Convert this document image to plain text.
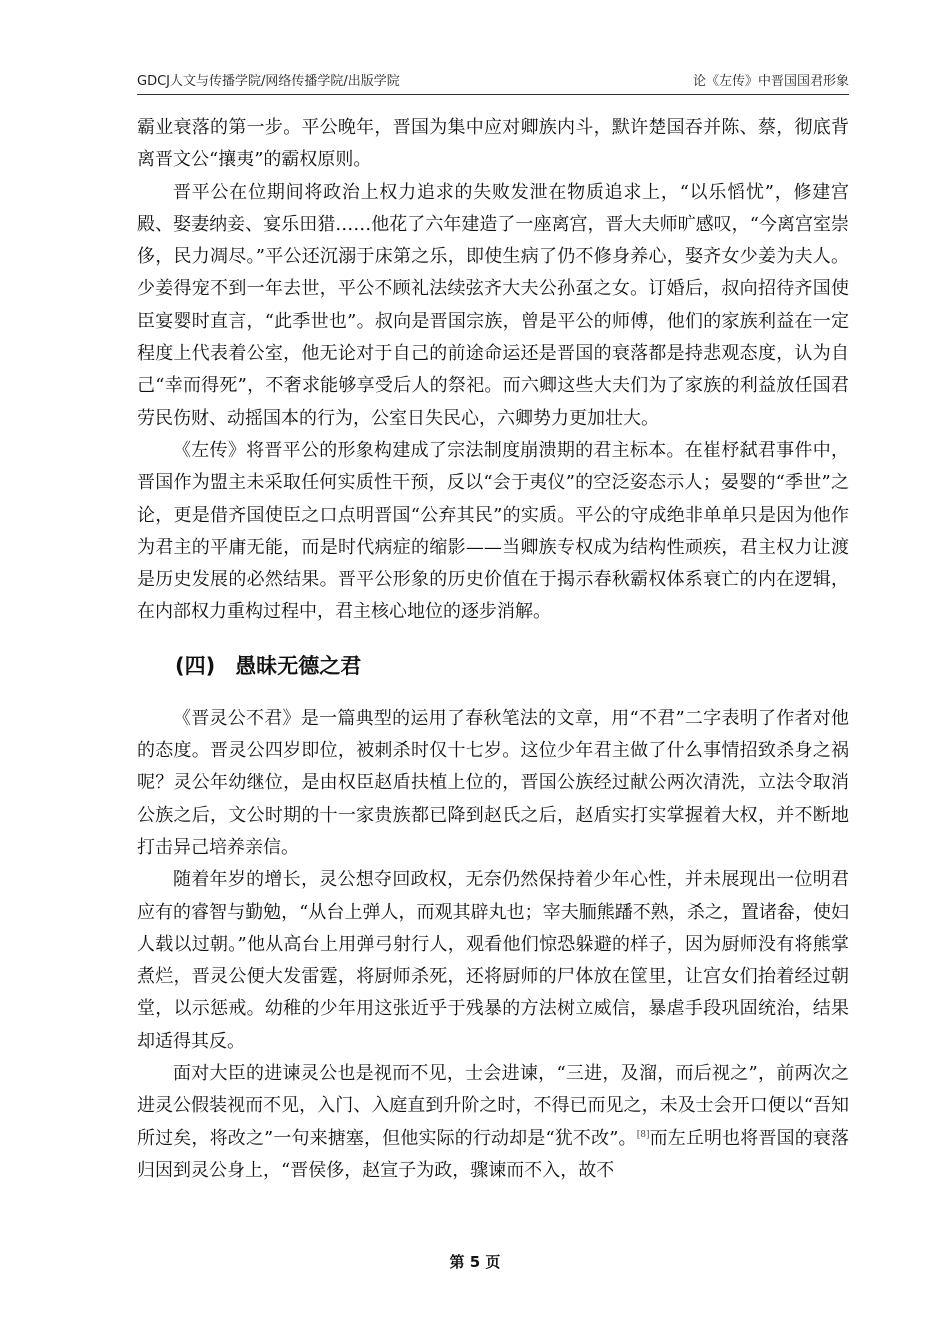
GDCJ人文与传播学院/网络传播学院/出版学院	论《左传》中晋国国君形象

霸业衰落的第一步。平公晚年，晋国为集中应对卿族内斗，默许楚国吞并陈、蔡，彻底背离晋文公“攘夷”的霸权原则。

晋平公在位期间将政治上权力追求的失败发泄在物质追求上，“以乐慆忧”，修建宫殿、娶妻纳妾、宴乐田猎……他花了六年建造了一座离宫，晋大夫师旷感叹，“今离宫室崇侈，民力凋尽。”平公还沉溺于床第之乐，即使生病了仍不修身养心，娶齐女少姜为夫人。少姜得宠不到一年去世，平公不顾礼法续弦齐大夫公孙虿之女。订婚后，叔向招待齐国使臣宴婴时直言，“此季世也”。叔向是晋国宗族，曾是平公的师傅，他们的家族利益在一定程度上代表着公室，他无论对于自己的前途命运还是晋国的衰落都是持悲观态度，认为自己“幸而得死”，不奢求能够享受后人的祭祀。而六卿这些大夫们为了家族的利益放任国君劳民伤财、动摇国本的行为，公室日失民心，六卿势力更加壮大。

《左传》将晋平公的形象构建成了宗法制度崩溃期的君主标本。在崔杼弑君事件中，晋国作为盟主未采取任何实质性干预，反以“会于夷仪”的空泛姿态示人；晏婴的“季世”之论，更是借齐国使臣之口点明晋国“公弃其民”的实质。平公的守成绝非单单只是因为他作为君主的平庸无能，而是时代病症的缩影——当卿族专权成为结构性顽疾，君主权力让渡是历史发展的必然结果。晋平公形象的历史价值在于揭示春秋霸权体系衰亡的内在逻辑，在内部权力重构过程中，君主核心地位的逐步消解。

(四) 愚昧无德之君

《晋灵公不君》是一篇典型的运用了春秋笔法的文章，用“不君”二字表明了作者对他的态度。晋灵公四岁即位，被刺杀时仅十七岁。这位少年君主做了什么事情招致杀身之祸呢？灵公年幼继位，是由权臣赵盾扶植上位的，晋国公族经过献公两次清洗，立法令取消公族之后，文公时期的十一家贵族都已降到赵氏之后，赵盾实打实掌握着大权，并不断地打击异己培养亲信。

随着年岁的增长，灵公想夺回政权，无奈仍然保持着少年心性，并未展现出一位明君应有的睿智与勤勉，“从台上弹人，而观其辟丸也；宰夫胹熊蹯不熟，杀之，置诸畚，使妇人载以过朝。”他从高台上用弹弓射行人，观看他们惊恐躲避的样子，因为厨师没有将熊掌煮烂，晋灵公便大发雷霆，将厨师杀死，还将厨师的尸体放在筐里，让宫女们抬着经过朝堂，以示惩戒。幼稚的少年用这张近乎于残暴的方法树立威信，暴虐手段巩固统治，结果却适得其反。

面对大臣的进谏灵公也是视而不见，士会进谏，“三进，及溜，而后视之”，前两次之进灵公假装视而不见，入门、入庭直到升阶之时，不得已而见之，未及士会开口便以“吾知所过矣，将改之”一句来搪塞，但他实际的行动却是“犹不改”。[8]而左丘明也将晋国的衰落归因到灵公身上，“晋侯侈，赵宣子为政，骤谏而不入，故不

第 5 页
